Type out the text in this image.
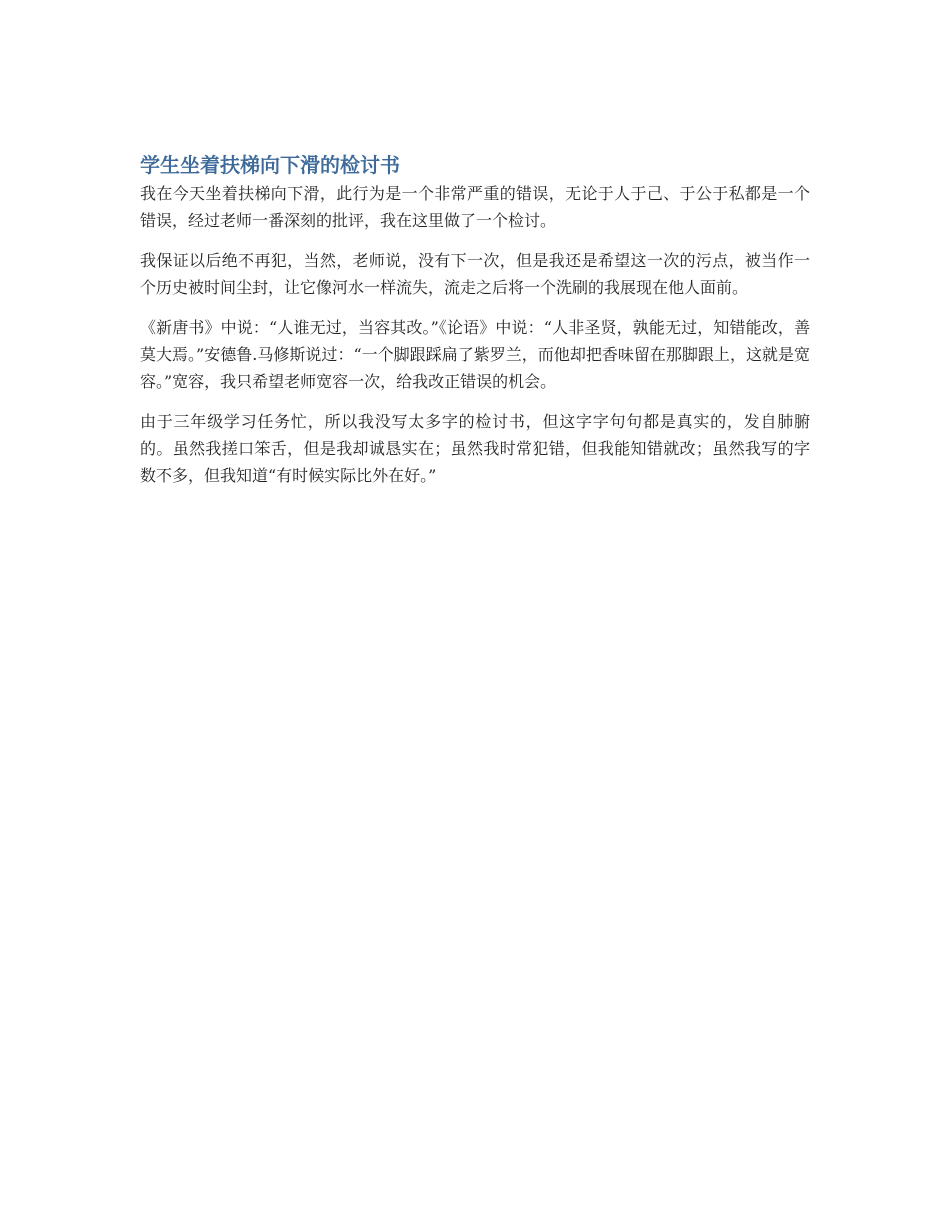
学生坐着扶梯向下滑的检讨书

我在今天坐着扶梯向下滑，此行为是一个非常严重的错误，无论于人于己、于公于私都是一个错误，经过老师一番深刻的批评，我在这里做了一个检讨。

我保证以后绝不再犯，当然，老师说，没有下一次，但是我还是希望这一次的污点，被当作一个历史被时间尘封，让它像河水一样流失，流走之后将一个洗刷的我展现在他人面前。

《新唐书》中说：“人谁无过，当容其改。”《论语》中说：“人非圣贤，孰能无过，知错能改，善莫大焉。”安德鲁.马修斯说过：“一个脚跟踩扁了紫罗兰，而他却把香味留在那脚跟上，这就是宽容。”宽容，我只希望老师宽容一次，给我改正错误的机会。

由于三年级学习任务忙，所以我没写太多字的检讨书，但这字字句句都是真实的，发自肺腑的。虽然我搓口笨舌，但是我却诚恳实在；虽然我时常犯错，但我能知错就改；虽然我写的字数不多，但我知道“有时候实际比外在好。”
